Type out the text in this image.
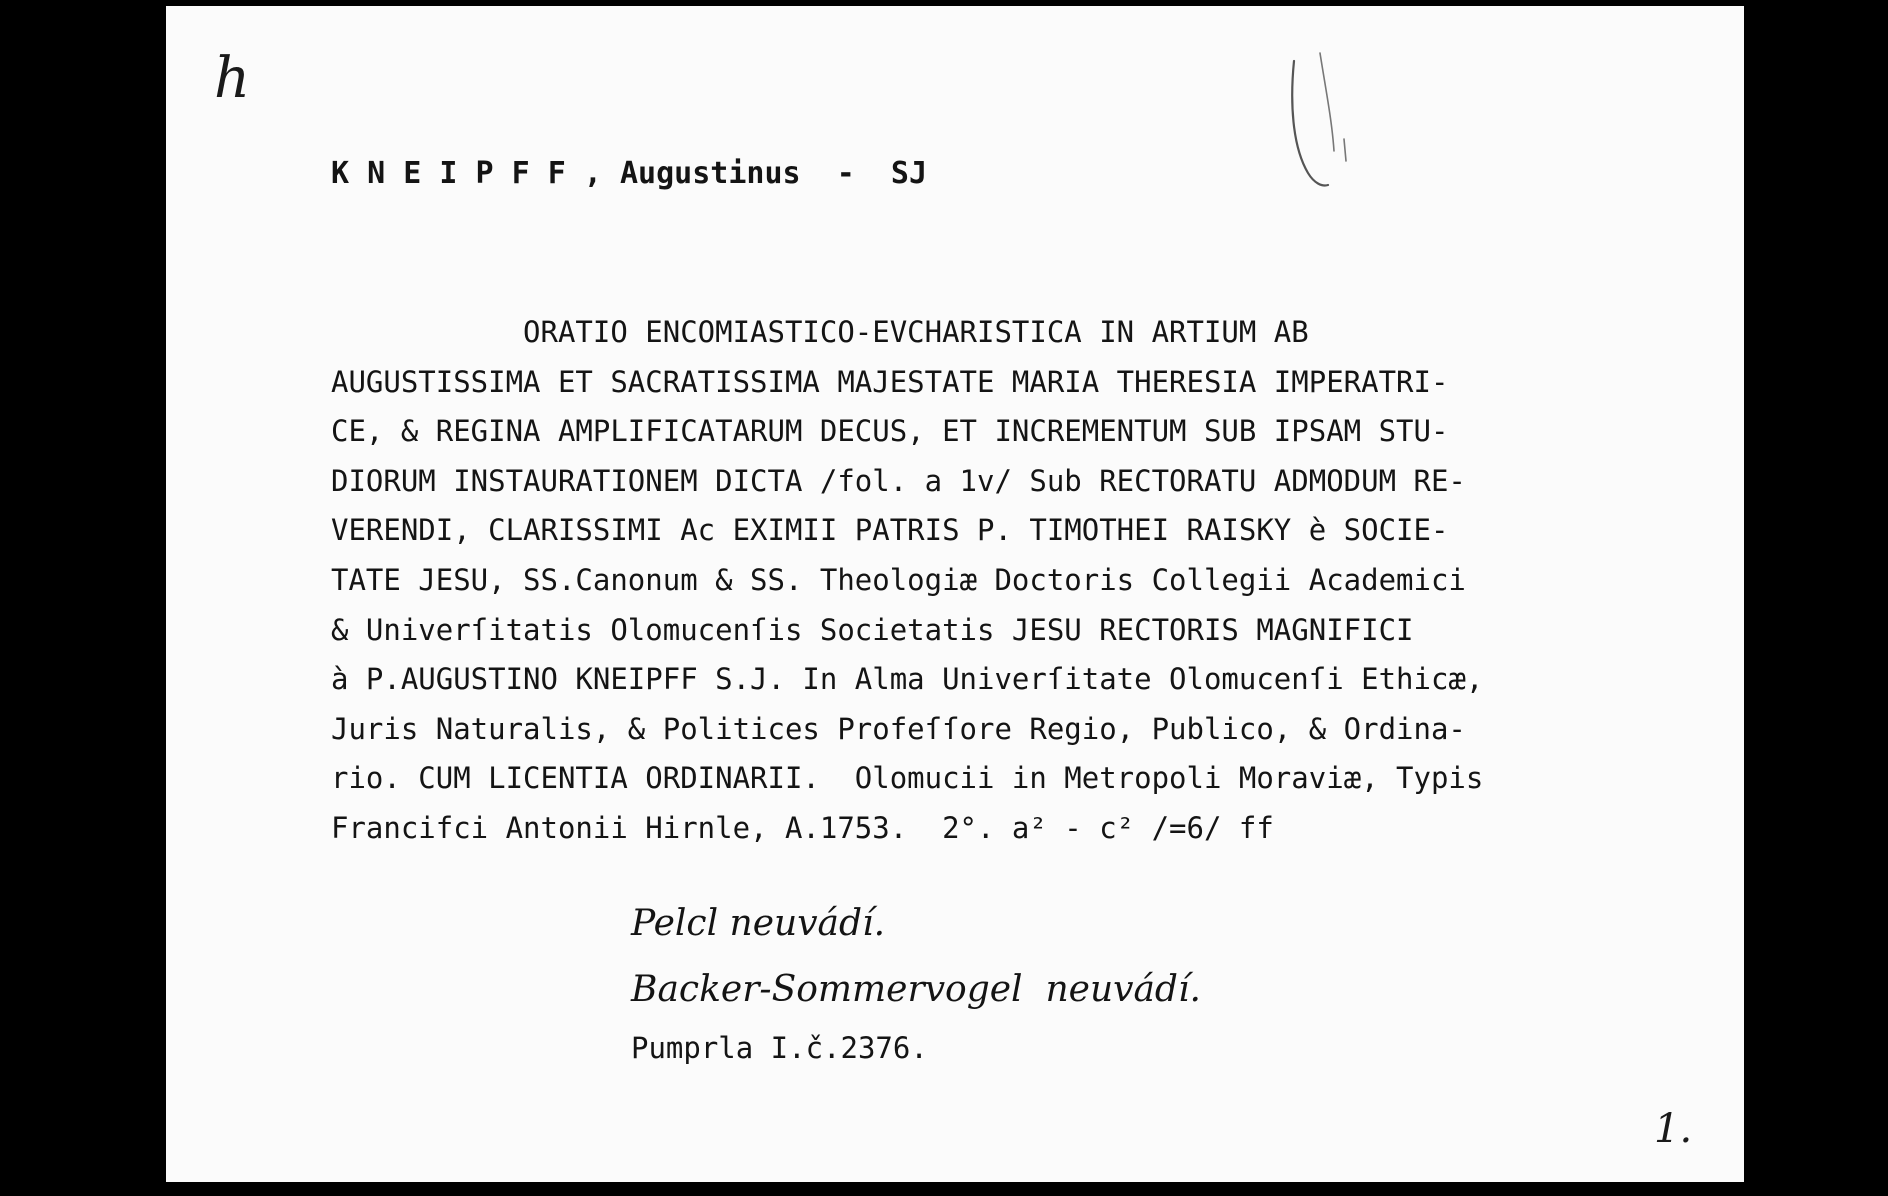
h
K N E I P F F , Augustinus  -  SJ
ORATIO ENCOMIASTICO-EVCHARISTICA IN ARTIUM AB
AUGUSTISSIMA ET SACRATISSIMA MAJESTATE MARIA THERESIA IMPERATRI-
CE, & REGINA AMPLIFICATARUM DECUS, ET INCREMENTUM SUB IPSAM STU-
DIORUM INSTAURATIONEM DICTA /fol. a 1v/ Sub RECTORATU ADMODUM RE-
VERENDI, CLARISSIMI Ac EXIMII PATRIS P. TIMOTHEI RAISKY è SOCIE-
TATE JESU, SS.Canonum & SS. Theologiæ Doctoris Collegii Academici
& Univerſitatis Olomucenſis Societatis JESU RECTORIS MAGNIFICI
à P.AUGUSTINO KNEIPFF S.J. In Alma Univerſitate Olomucenſi Ethicæ,
Juris Naturalis, & Politices Profeſſore Regio, Publico, & Ordina-
rio. CUM LICENTIA ORDINARII.  Olomucii in Metropoli Moraviæ, Typis
Francifci Antonii Hirnle, A.1753.  2°. a² - c² /=6/ ff
Pelcl neuvádí.
Backer-Sommervogel  neuvádí.
Pumprla I.č.2376.
1.
